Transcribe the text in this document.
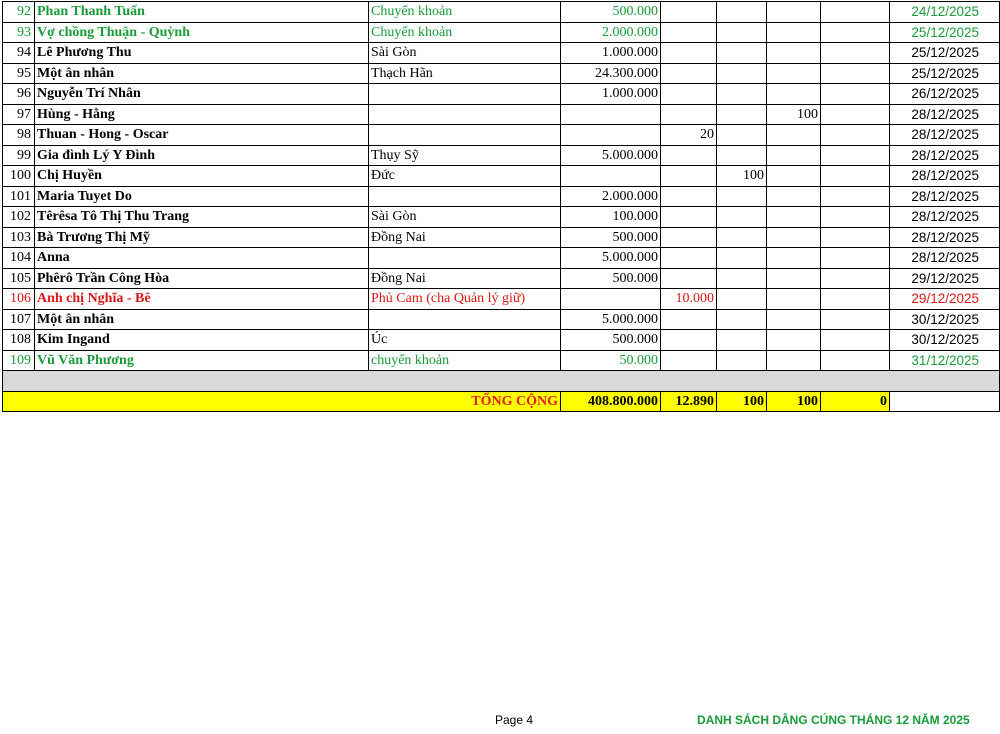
92	Phan Thanh Tuấn	Chuyển khoản	500.000					24/12/2025
93	Vợ chồng Thuận - Quỳnh	Chuyển khoản	2.000.000					25/12/2025
94	Lê Phương Thu	Sài Gòn	1.000.000					25/12/2025
95	Một ân nhân	Thạch Hãn	24.300.000					25/12/2025
96	Nguyễn Trí Nhân		1.000.000					26/12/2025
97	Hùng - Hằng					100		28/12/2025
98	Thuan - Hong - Oscar			20				28/12/2025
99	Gia đình Lý Y Đình	Thụy Sỹ	5.000.000					28/12/2025
100	Chị Huyền	Đức			100			28/12/2025
101	Maria Tuyet Do		2.000.000					28/12/2025
102	Têrêsa Tô Thị Thu Trang	Sài Gòn	100.000					28/12/2025
103	Bà Trương Thị Mỹ	Đồng Nai	500.000					28/12/2025
104	Anna		5.000.000					28/12/2025
105	Phêrô Trần Công Hòa	Đồng Nai	500.000					29/12/2025
106	Anh chị Nghĩa - Bê	Phủ Cam (cha Quản lý giữ)		10.000				29/12/2025
107	Một ân nhân		5.000.000					30/12/2025
108	Kim Ingand	Úc	500.000					30/12/2025
109	Vũ Văn Phương	chuyển khoản	50.000					31/12/2025

TỔNG CỘNG			408.800.000	12.890	100	100	0	
Page 4	DANH SÁCH DÂNG CÚNG THÁNG 12 NĂM 2025
